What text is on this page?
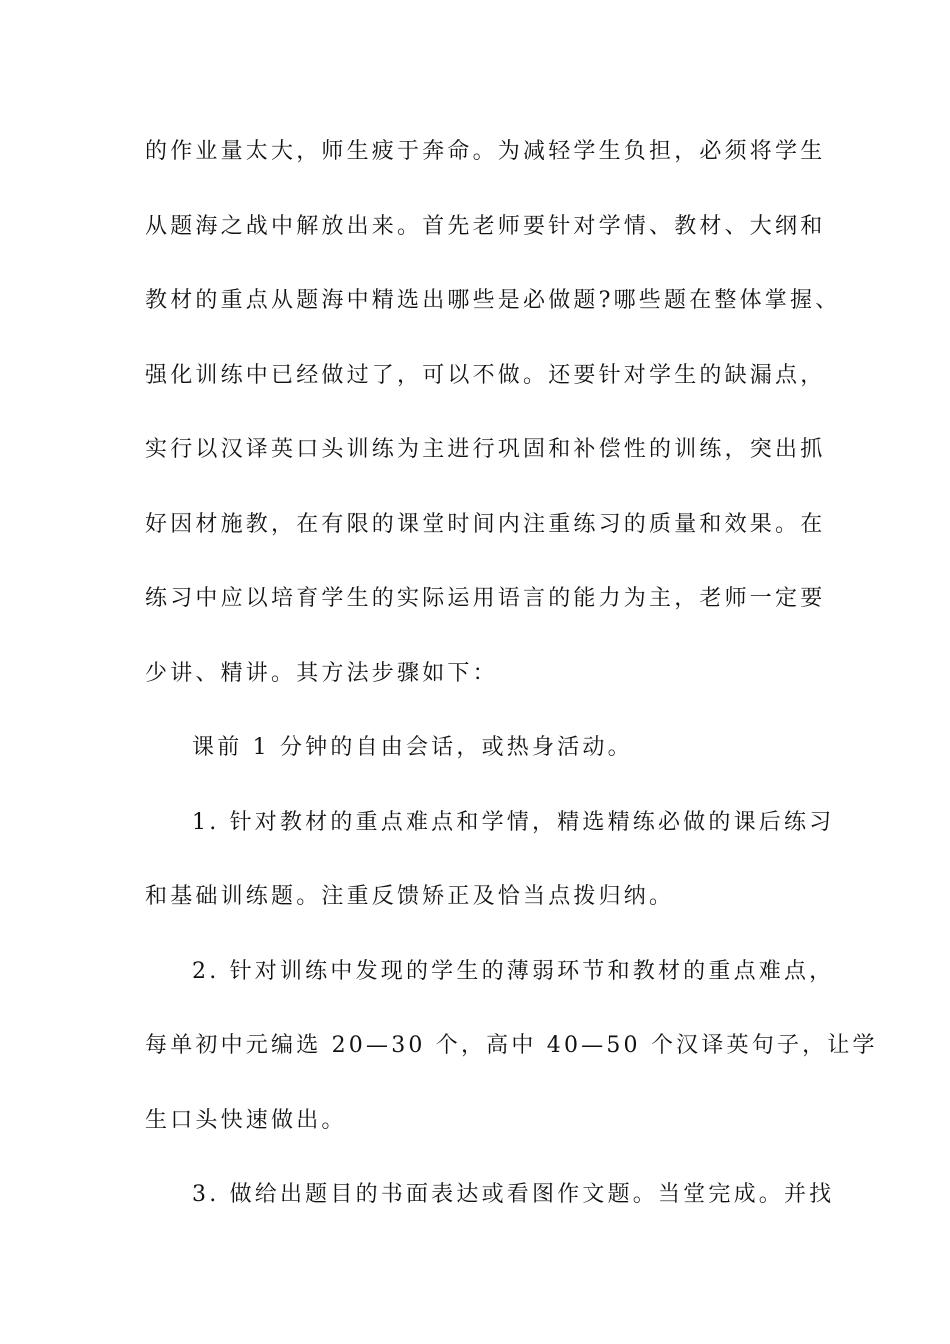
的作业量太大，师生疲于奔命。为减轻学生负担，必须将学生
从题海之战中解放出来。首先老师要针对学情、教材、大纲和
教材的重点从题海中精选出哪些是必做题?哪些题在整体掌握、
强化训练中已经做过了，可以不做。还要针对学生的缺漏点，
实行以汉译英口头训练为主进行巩固和补偿性的训练，突出抓
好因材施教，在有限的课堂时间内注重练习的质量和效果。在
练习中应以培育学生的实际运用语言的能力为主，老师一定要
少讲、精讲。其方法步骤如下：
课前 1 分钟的自由会话，或热身活动。
1. 针对教材的重点难点和学情，精选精练必做的课后练习
和基础训练题。注重反馈矫正及恰当点拨归纳。
2. 针对训练中发现的学生的薄弱环节和教材的重点难点，
每单初中元编选 20—30 个，高中 40—50 个汉译英句子，让学
生口头快速做出。
3. 做给出题目的书面表达或看图作文题。当堂完成。并找
